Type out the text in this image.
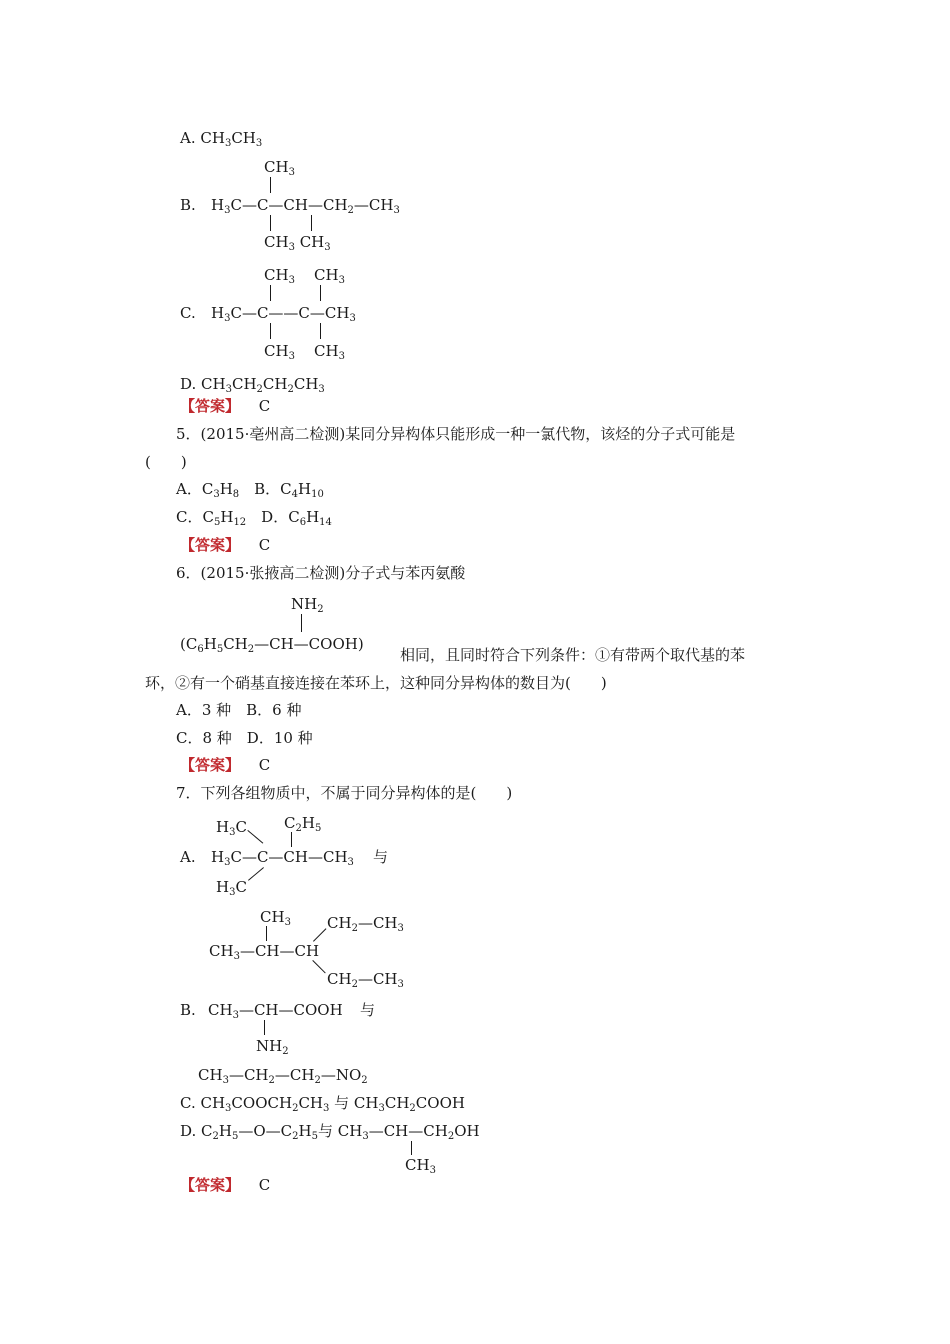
A. $CH_3CH_3$
B.
$CH_3$
$H_3C—C—CH—CH_2—CH_3$
$CH_3$ $CH_3$
C.
$CH_3$ $CH_3$
$H_3C—C——C—CH_3$
$CH_3$ $CH_3$
D. $CH_3CH_2CH_2CH_3$
【答案】 C
5．(2015·亳州高二检测)某同分异构体只能形成一种一氯代物，该烃的分子式可能是
(　　)
A．$C_3H_8$　B．$C_4H_{10}$
C．$C_5H_{12}$　D．$C_6H_{14}$
【答案】 C
6．(2015·张掖高二检测)分子式与苯丙氨酸
$NH_2$
$(C_6H_5CH_2—CH—COOH)$
相同，且同时符合下列条件：①有带两个取代基的苯
环，②有一个硝基直接连接在苯环上，这种同分异构体的数目为(　　)
A．3 种　B．6 种
C．8 种　D．10 种
【答案】 C
7．下列各组物质中，不属于同分异构体的是(　　)
A.
$H_3C$ $C_2H_5$
$H_3C—C—CH—CH_3$ 与
$H_3C$
$CH_3$ $CH_2—CH_3$
$CH_3—CH—CH$
$CH_2—CH_3$
B. $CH_3—CH—COOH$ 与
$NH_2$
$CH_3—CH_2—CH_2—NO_2$
C. $CH_3COOCH_2CH_3$ 与 $CH_3CH_2COOH$
D. $C_2H_5—O—C_2H_5$与 $CH_3—CH—CH_2OH$
$CH_3$
【答案】 C
